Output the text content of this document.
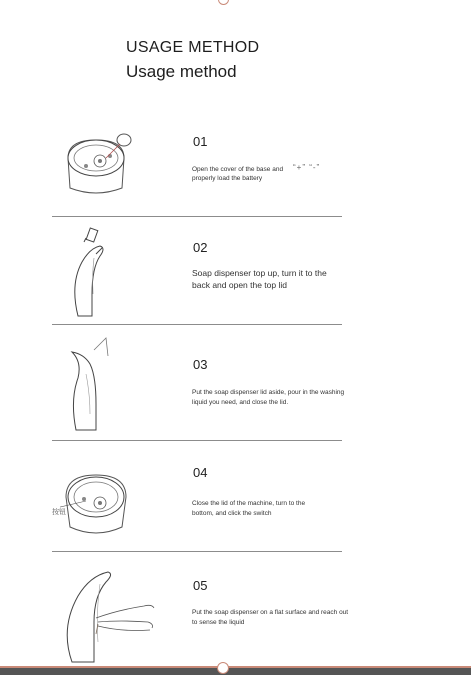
USAGE METHOD
Usage method
01
Open the cover of the base and properly load the battery
“+” “-”
02
Soap dispenser top up, turn it to the back and open the top lid
03
Put the soap dispenser lid aside, pour in the washing liquid you need, and close the lid.
按钮
04
Close the lid of the machine, turn to the bottom, and click the switch
05
Put the soap dispenser on a flat surface and reach out to sense the liquid
